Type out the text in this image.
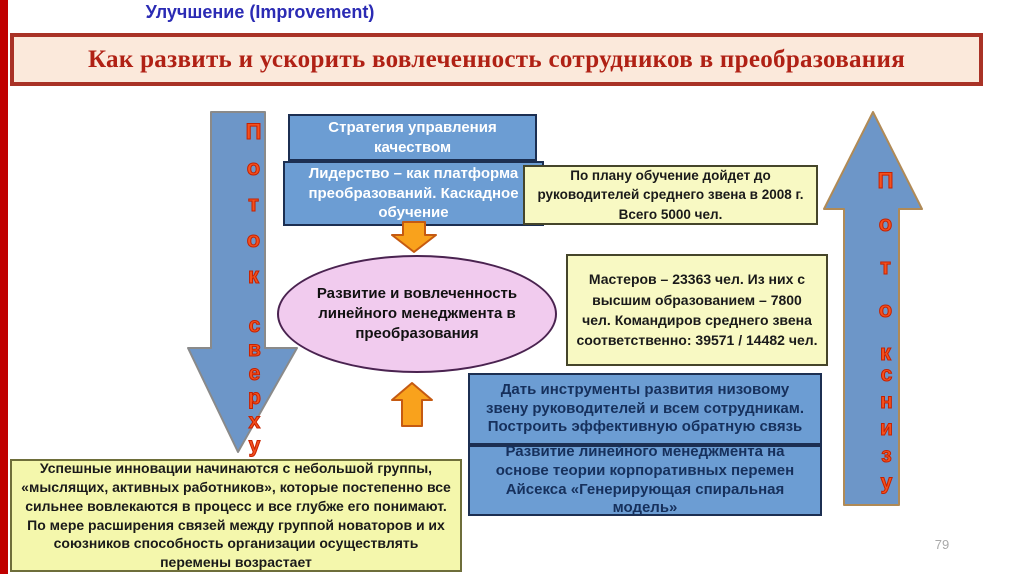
Улучшение (Improvement)
Как развить и ускорить вовлеченность сотрудников в преобразования
Поток
сверху
Поток
снизу
Стратегия управления качеством
Лидерство – как платформа преобразований. Каскадное обучение
По плану обучение дойдет до руководителей среднего звена в 2008 г. Всего 5000 чел.
Развитие и вовлеченность линейного менеджмента в преобразования
Мастеров – 23363 чел. Из них с высшим образованием – 7800 чел. Командиров среднего звена соответственно: 39571 / 14482 чел.
Дать инструменты развития низовому звену руководителей и всем сотрудникам. Построить эффективную обратную связь
Развитие линейного менеджмента на основе теории корпоративных перемен Айсекса «Генерирующая спиральная модель»
Успешные инновации начинаются с небольшой группы, «мыслящих, активных работников», которые постепенно все сильнее вовлекаются в процесс и все глубже его понимают. По мере расширения связей между группой новаторов и их союзников способность организации осуществлять перемены возрастает
79
